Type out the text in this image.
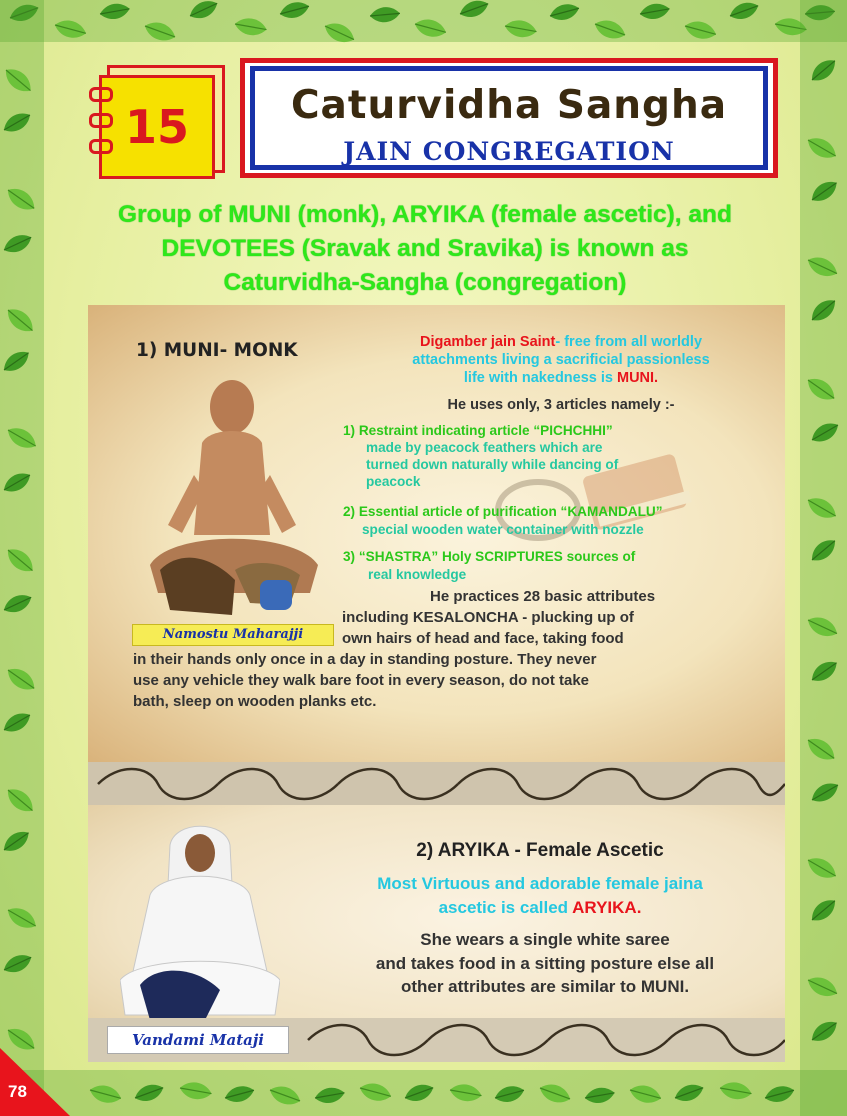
15	Caturvidha Sangha
JAIN CONGREGATION
Group of MUNI (monk), ARYIKA (female ascetic), and
DEVOTEES (Sravak and Sravika) is known as
Caturvidha-Sangha (congregation)
1) MUNI- MONK
Namostu Maharajji
Digamber jain Saint- free from all worldly
attachments living a sacrificial passionless
life with nakedness is MUNI.
He uses only, 3 articles namely :-
1) Restraint indicating article “PICHCHHI”
made by peacock feathers which are
turned down naturally while dancing of
peacock
2) Essential article of purification “KAMANDALU”
special wooden water container with nozzle
3) “SHASTRA” Holy SCRIPTURES sources of
real knowledge
He practices 28 basic attributes
including KESALONCHA - plucking up of
own hairs of head and face, taking food
in their hands only once in a day in standing posture. They never
use any vehicle they walk bare foot in every season, do not take
bath, sleep on wooden planks etc.
2) ARYIKA - Female Ascetic
Most Virtuous and adorable female jaina
ascetic is called ARYIKA.
She wears a single white saree
and takes food in a sitting posture else all
other attributes are similar to MUNI.
Vandami Mataji
78
